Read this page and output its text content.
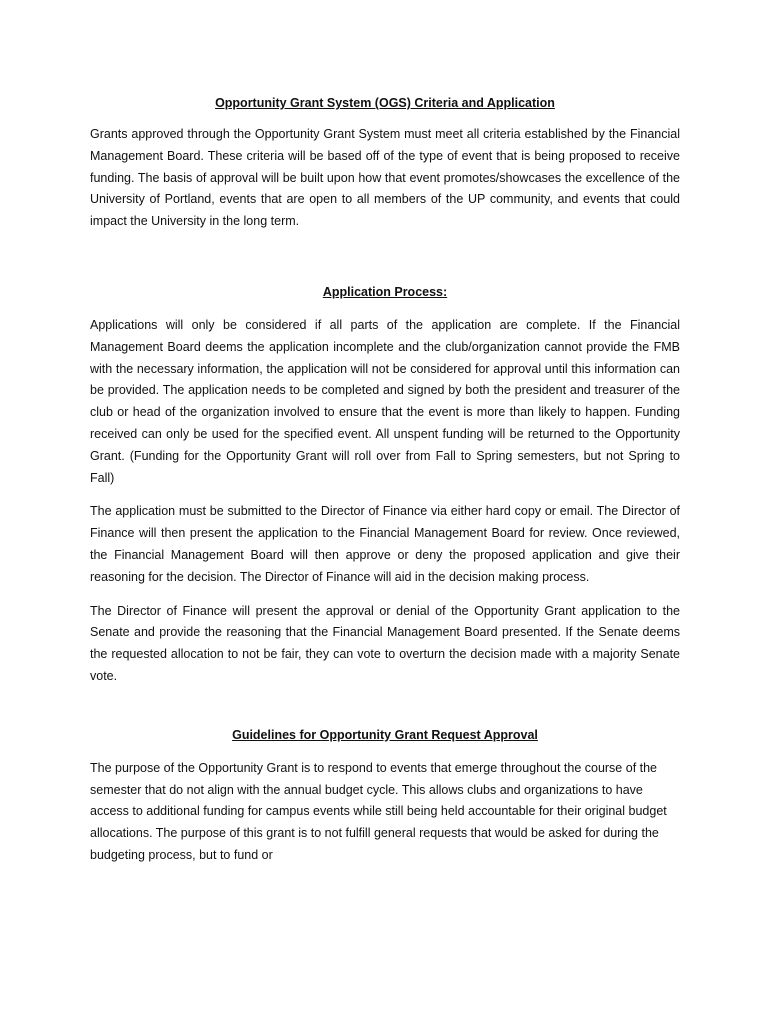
Opportunity Grant System (OGS) Criteria and Application

Grants approved through the Opportunity Grant System must meet all criteria established by the Financial Management Board. These criteria will be based off of the type of event that is being proposed to receive funding. The basis of approval will be built upon how that event promotes/showcases the excellence of the University of Portland, events that are open to all members of the UP community, and events that could impact the University in the long term.

Application Process:

Applications will only be considered if all parts of the application are complete. If the Financial Management Board deems the application incomplete and the club/organization cannot provide the FMB with the necessary information, the application will not be considered for approval until this information can be provided. The application needs to be completed and signed by both the president and treasurer of the club or head of the organization involved to ensure that the event is more than likely to happen. Funding received can only be used for the specified event. All unspent funding will be returned to the Opportunity Grant. (Funding for the Opportunity Grant will roll over from Fall to Spring semesters, but not Spring to Fall)

The application must be submitted to the Director of Finance via either hard copy or email. The Director of Finance will then present the application to the Financial Management Board for review. Once reviewed, the Financial Management Board will then approve or deny the proposed application and give their reasoning for the decision. The Director of Finance will aid in the decision making process.

The Director of Finance will present the approval or denial of the Opportunity Grant application to the Senate and provide the reasoning that the Financial Management Board presented. If the Senate deems the requested allocation to not be fair, they can vote to overturn the decision made with a majority Senate vote.

Guidelines for Opportunity Grant Request Approval

The purpose of the Opportunity Grant is to respond to events that emerge throughout the course of the semester that do not align with the annual budget cycle. This allows clubs and organizations to have access to additional funding for campus events while still being held accountable for their original budget allocations. The purpose of this grant is to not fulfill general requests that would be asked for during the budgeting process, but to fund or
